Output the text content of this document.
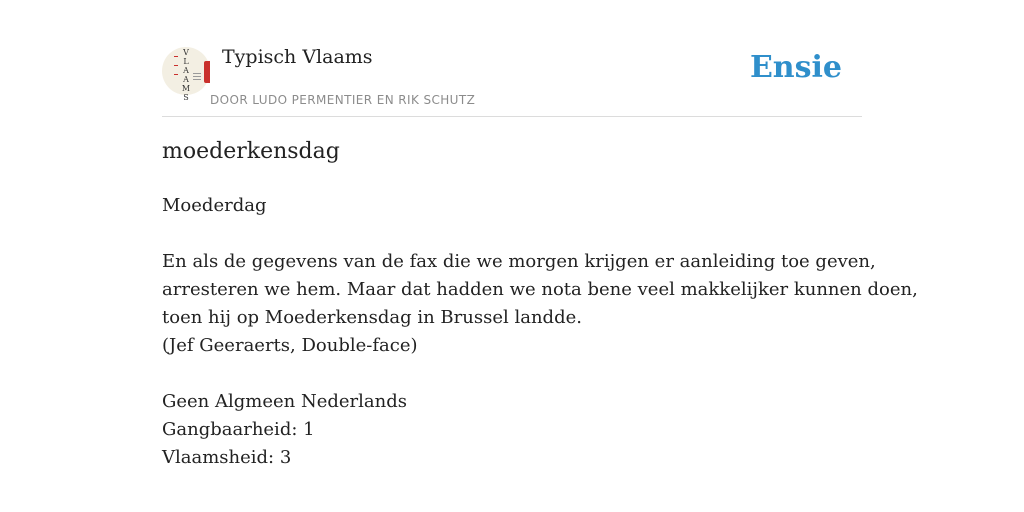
V
L
A
A
M
S
Typisch Vlaams
DOOR LUDO PERMENTIER EN RIK SCHUTZ
Ensie
moederkensdag
Moederdag
En als de gegevens van de fax die we morgen krijgen er aanleiding toe geven,
arresteren we hem. Maar dat hadden we nota bene veel makkelijker kunnen doen,
toen hij op Moederkensdag in Brussel landde.
(Jef Geeraerts, Double-face)
Geen Algmeen Nederlands
Gangbaarheid: 1
Vlaamsheid: 3
